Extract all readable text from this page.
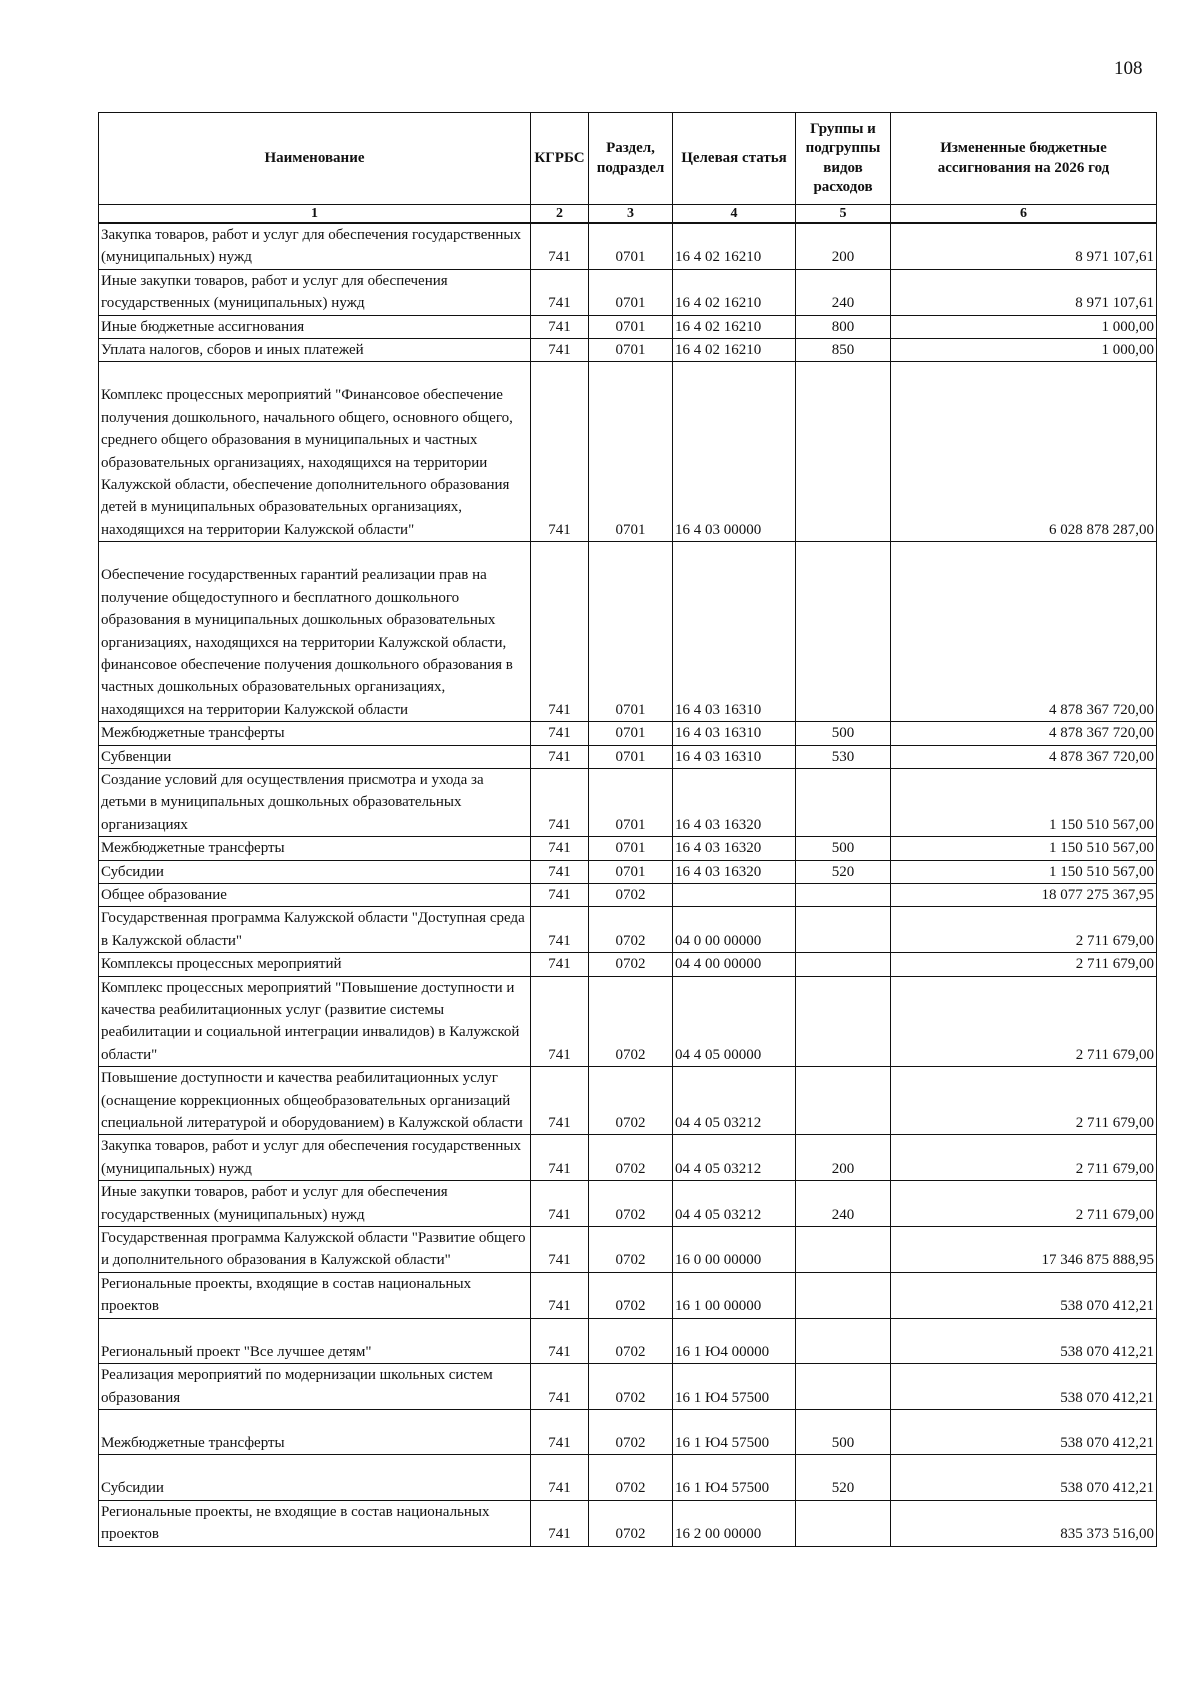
108
Наименование	КГРБС	Раздел, подраздел	Целевая статья	Группы и подгруппы видов расходов	Измененные бюджетные ассигнования на 2026 год
1	2	3	4	5	6
Закупка товаров, работ и услуг для обеспечения государственных (муниципальных) нужд	741	0701	16 4 02 16210	200	8 971 107,61
Иные закупки товаров, работ и услуг для обеспечения государственных (муниципальных) нужд	741	0701	16 4 02 16210	240	8 971 107,61
Иные бюджетные ассигнования	741	0701	16 4 02 16210	800	1 000,00
Уплата налогов, сборов и иных платежей	741	0701	16 4 02 16210	850	1 000,00
Комплекс процессных мероприятий "Финансовое обеспечение получения дошкольного, начального общего, основного общего, среднего общего образования в муниципальных и частных образовательных организациях, находящихся на территории Калужской области, обеспечение дополнительного образования детей в муниципальных образовательных организациях, находящихся на территории Калужской области"	741	0701	16 4 03 00000		6 028 878 287,00
Обеспечение государственных гарантий реализации прав на получение общедоступного и бесплатного дошкольного образования в муниципальных дошкольных образовательных организациях, находящихся на территории Калужской области, финансовое обеспечение получения дошкольного образования в частных дошкольных образовательных организациях, находящихся на территории Калужской области	741	0701	16 4 03 16310		4 878 367 720,00
Межбюджетные трансферты	741	0701	16 4 03 16310	500	4 878 367 720,00
Субвенции	741	0701	16 4 03 16310	530	4 878 367 720,00
Создание условий для осуществления присмотра и ухода за детьми в муниципальных дошкольных образовательных организациях	741	0701	16 4 03 16320		1 150 510 567,00
Межбюджетные трансферты	741	0701	16 4 03 16320	500	1 150 510 567,00
Субсидии	741	0701	16 4 03 16320	520	1 150 510 567,00
Общее образование	741	0702			18 077 275 367,95
Государственная программа Калужской области "Доступная среда в Калужской области"	741	0702	04 0 00 00000		2 711 679,00
Комплексы процессных мероприятий	741	0702	04 4 00 00000		2 711 679,00
Комплекс процессных мероприятий "Повышение доступности и качества реабилитационных услуг (развитие системы реабилитации и социальной интеграции инвалидов) в Калужской области"	741	0702	04 4 05 00000		2 711 679,00
Повышение доступности и качества реабилитационных услуг (оснащение коррекционных общеобразовательных организаций специальной литературой и оборудованием) в Калужской области	741	0702	04 4 05 03212		2 711 679,00
Закупка товаров, работ и услуг для обеспечения государственных (муниципальных) нужд	741	0702	04 4 05 03212	200	2 711 679,00
Иные закупки товаров, работ и услуг для обеспечения государственных (муниципальных) нужд	741	0702	04 4 05 03212	240	2 711 679,00
Государственная программа Калужской области "Развитие общего и дополнительного образования в Калужской области"	741	0702	16 0 00 00000		17 346 875 888,95
Региональные проекты, входящие в состав национальных проектов	741	0702	16 1 00 00000		538 070 412,21
Региональный проект "Все лучшее детям"	741	0702	16 1 Ю4 00000		538 070 412,21
Реализация мероприятий по модернизации школьных систем образования	741	0702	16 1 Ю4 57500		538 070 412,21
Межбюджетные трансферты	741	0702	16 1 Ю4 57500	500	538 070 412,21
Субсидии	741	0702	16 1 Ю4 57500	520	538 070 412,21
Региональные проекты, не входящие в состав национальных проектов	741	0702	16 2 00 00000		835 373 516,00
